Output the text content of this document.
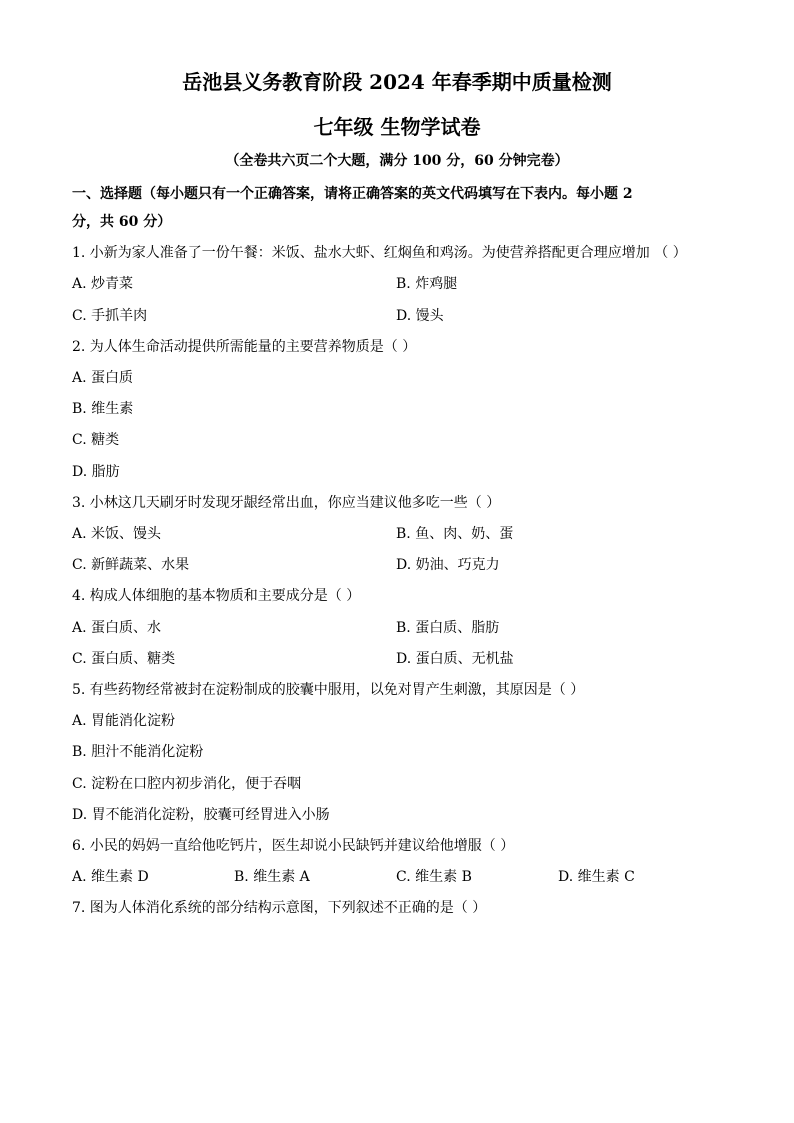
岳池县义务教育阶段 2024 年春季期中质量检测
七年级 生物学试卷
（全卷共六页二个大题，满分 100 分，60 分钟完卷）
一、选择题（每小题只有一个正确答案，请将正确答案的英文代码填写在下表内。每小题 2
分，共 60 分）
1. 小新为家人准备了一份午餐：米饭、盐水大虾、红焖鱼和鸡汤。为使营养搭配更合理应增加 （ ）
A. 炒青菜	B. 炸鸡腿
C. 手抓羊肉	D. 馒头
2. 为人体生命活动提供所需能量的主要营养物质是（ ）
A. 蛋白质
B. 维生素
C. 糖类
D. 脂肪
3. 小林这几天刷牙时发现牙龈经常出血，你应当建议他多吃一些（ ）
A. 米饭、馒头	B. 鱼、肉、奶、蛋
C. 新鲜蔬菜、水果	D. 奶油、巧克力
4. 构成人体细胞的基本物质和主要成分是（ ）
A. 蛋白质、水	B. 蛋白质、脂肪
C. 蛋白质、糖类	D. 蛋白质、无机盐
5. 有些药物经常被封在淀粉制成的胶囊中服用，以免对胃产生刺激，其原因是（ ）
A. 胃能消化淀粉
B. 胆汁不能消化淀粉
C. 淀粉在口腔内初步消化，便于吞咽
D. 胃不能消化淀粉，胶囊可经胃进入小肠
6. 小民的妈妈一直给他吃钙片，医生却说小民缺钙并建议给他增服（ ）
A. 维生素 D	B. 维生素 A	C. 维生素 B	D. 维生素 C
7. 图为人体消化系统的部分结构示意图，下列叙述不正确的是（ ）
